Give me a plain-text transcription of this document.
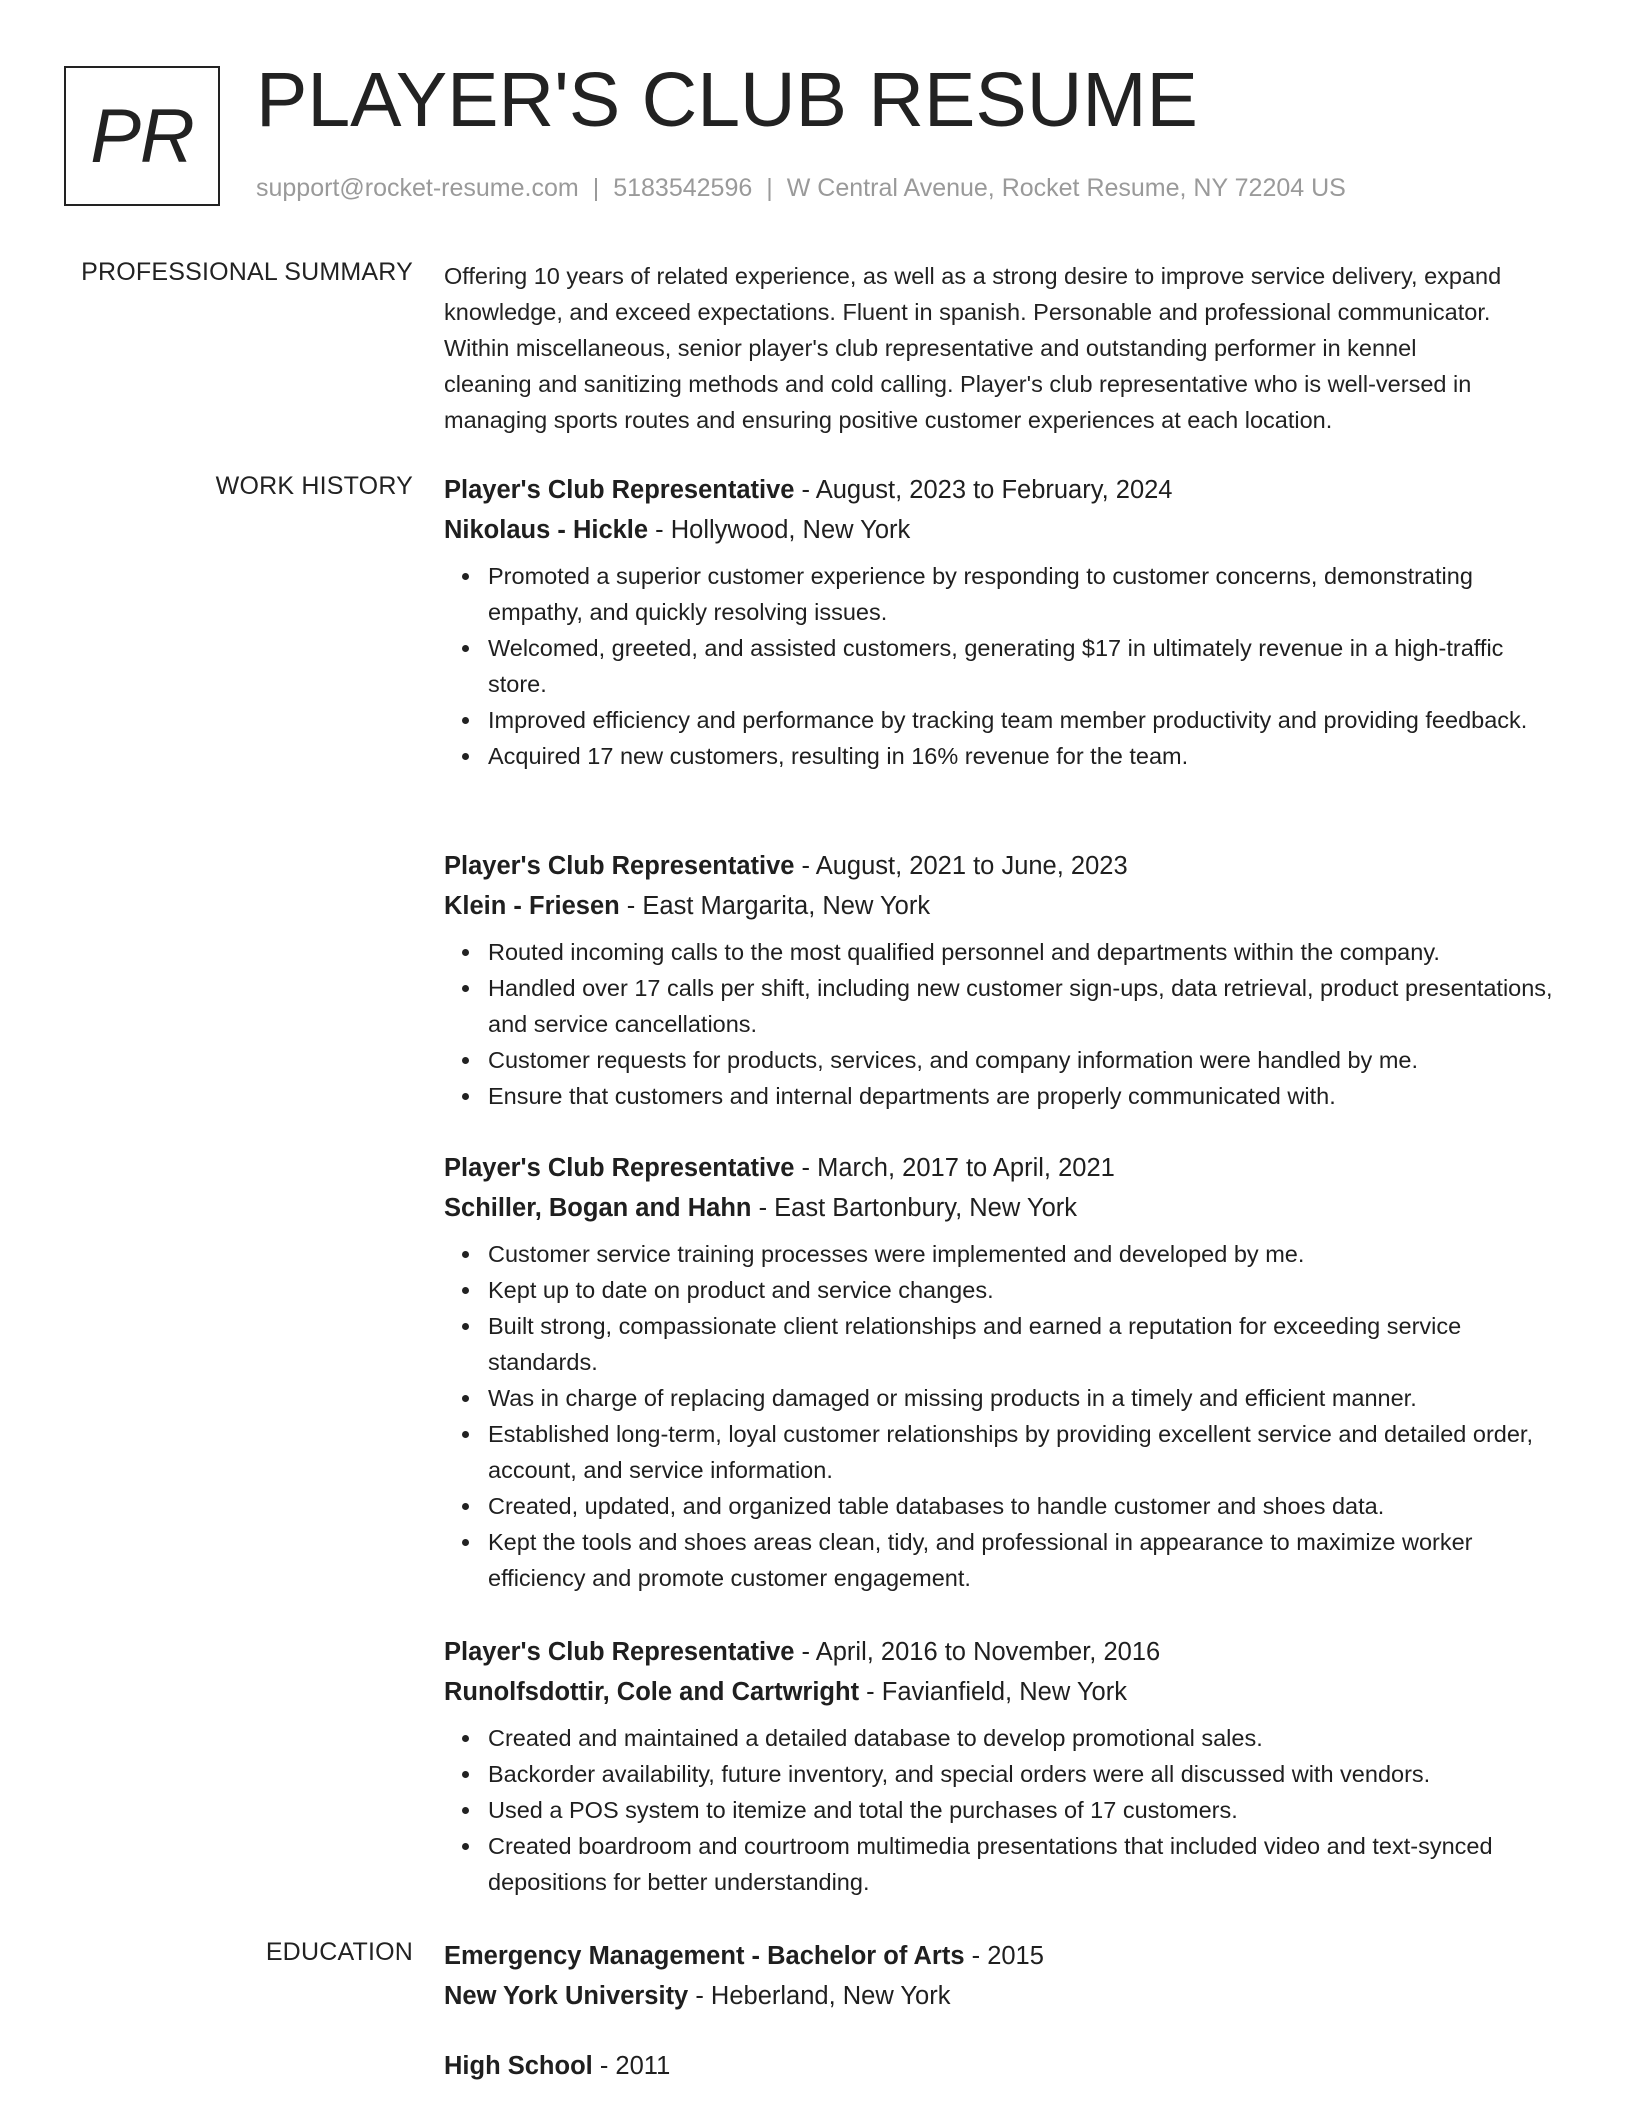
PR PLAYER'S CLUB RESUME
support@rocket-resume.com | 5183542596 | W Central Avenue, Rocket Resume, NY 72204 US
PROFESSIONAL SUMMARY Offering 10 years of related experience, as well as a strong desire to improve service delivery, expand
knowledge, and exceed expectations. Fluent in spanish. Personable and professional communicator.
Within miscellaneous, senior player's club representative and outstanding performer in kennel
cleaning and sanitizing methods and cold calling. Player's club representative who is well-versed in
managing sports routes and ensuring positive customer experiences at each location.
WORK HISTORY Player's Club Representative - August, 2023 to February, 2024
Nikolaus - Hickle - Hollywood, New York
Promoted a superior customer experience by responding to customer concerns, demonstrating empathy, and quickly resolving issues.
Welcomed, greeted, and assisted customers, generating $17 in ultimately revenue in a high-traffic store.
Improved efficiency and performance by tracking team member productivity and providing feedback.
Acquired 17 new customers, resulting in 16% revenue for the team.
Player's Club Representative - August, 2021 to June, 2023
Klein - Friesen - East Margarita, New York
Routed incoming calls to the most qualified personnel and departments within the company.
Handled over 17 calls per shift, including new customer sign-ups, data retrieval, product presentations, and service cancellations.
Customer requests for products, services, and company information were handled by me.
Ensure that customers and internal departments are properly communicated with.
Player's Club Representative - March, 2017 to April, 2021
Schiller, Bogan and Hahn - East Bartonbury, New York
Customer service training processes were implemented and developed by me.
Kept up to date on product and service changes.
Built strong, compassionate client relationships and earned a reputation for exceeding service standards.
Was in charge of replacing damaged or missing products in a timely and efficient manner.
Established long-term, loyal customer relationships by providing excellent service and detailed order, account, and service information.
Created, updated, and organized table databases to handle customer and shoes data.
Kept the tools and shoes areas clean, tidy, and professional in appearance to maximize worker efficiency and promote customer engagement.
Player's Club Representative - April, 2016 to November, 2016
Runolfsdottir, Cole and Cartwright - Favianfield, New York
Created and maintained a detailed database to develop promotional sales.
Backorder availability, future inventory, and special orders were all discussed with vendors.
Used a POS system to itemize and total the purchases of 17 customers.
Created boardroom and courtroom multimedia presentations that included video and text-synced depositions for better understanding.
EDUCATION Emergency Management - Bachelor of Arts - 2015
New York University - Heberland, New York
High School - 2011
